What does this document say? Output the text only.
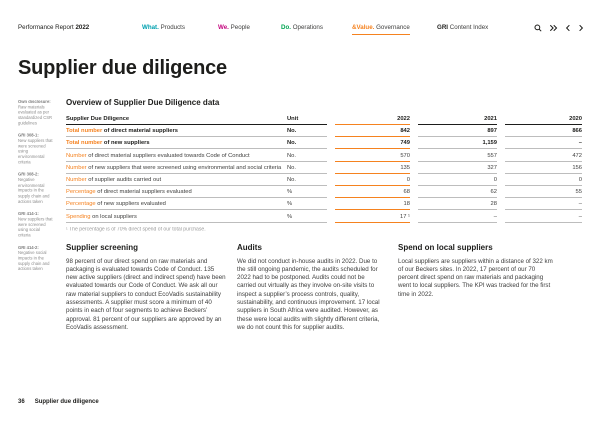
Performance Report 2022	What. Products	We. People	Do. Operations	&Value. Governance	GRI Content Index
Supplier due diligence
Own disclosure:
Raw materials evaluated as per standardized CSR guidelines
GRI 308-1:
New suppliers that were screened using environmental criteria
GRI 308-2:
Negative environmental impacts in the supply chain and actions taken
GRI 414-1:
New suppliers that were screened using social criteria
GRI 414-2:
Negative social impacts in the supply chain and actions taken
Overview of Supplier Due Diligence data
Supplier Due Diligence	Unit	2022	2021	2020
Total number of direct material suppliers	No.	842	897	866
Total number of new suppliers	No.	749	1,159	–
Number of direct material suppliers evaluated towards Code of Conduct	No.	570	557	472
Number of new suppliers that were screened using environmental and social criteria No.	135	327	156
Number of supplier audits carried out	No.	0	0	0
Percentage of direct material suppliers evaluated	%	68	62	55
Percentage of new suppliers evaluated	%	18	28	–
Spending on local suppliers	%	17 ¹	–	–
¹ The percentage is of 70% direct spend of our total purchase.
Supplier screening

98 percent of our direct spend on raw materials and packaging is evaluated towards Code of Conduct. 135 new active suppliers (direct and indirect spend) have been evaluated towards our Code of Conduct. We ask all our raw material suppliers to conduct EcoVadis sustainability assessments. A supplier must score a minimum of 40 points in each of four segments to achieve Beckers’ approval. 81 percent of our suppliers are approved by an EcoVadis assessment.

Audits

We did not conduct in-house audits in 2022. Due to the still ongoing pandemic, the audits scheduled for 2022 had to be postponed. Audits could not be carried out virtually as they involve on-site visits to inspect a supplier’s process controls, quality, sustainability, and continuous improvement. 17 local suppliers in South Africa were audited. However, as these were local audits with slightly different criteria, we do not count this for supplier audits.

Spend on local suppliers

Local suppliers are suppliers within a distance of 322 km of our Beckers sites. In 2022, 17 percent of our 70 percent direct spend on raw materials and packaging went to local suppliers. The KPI was tracked for the first time in 2022.

36 Supplier due diligence
